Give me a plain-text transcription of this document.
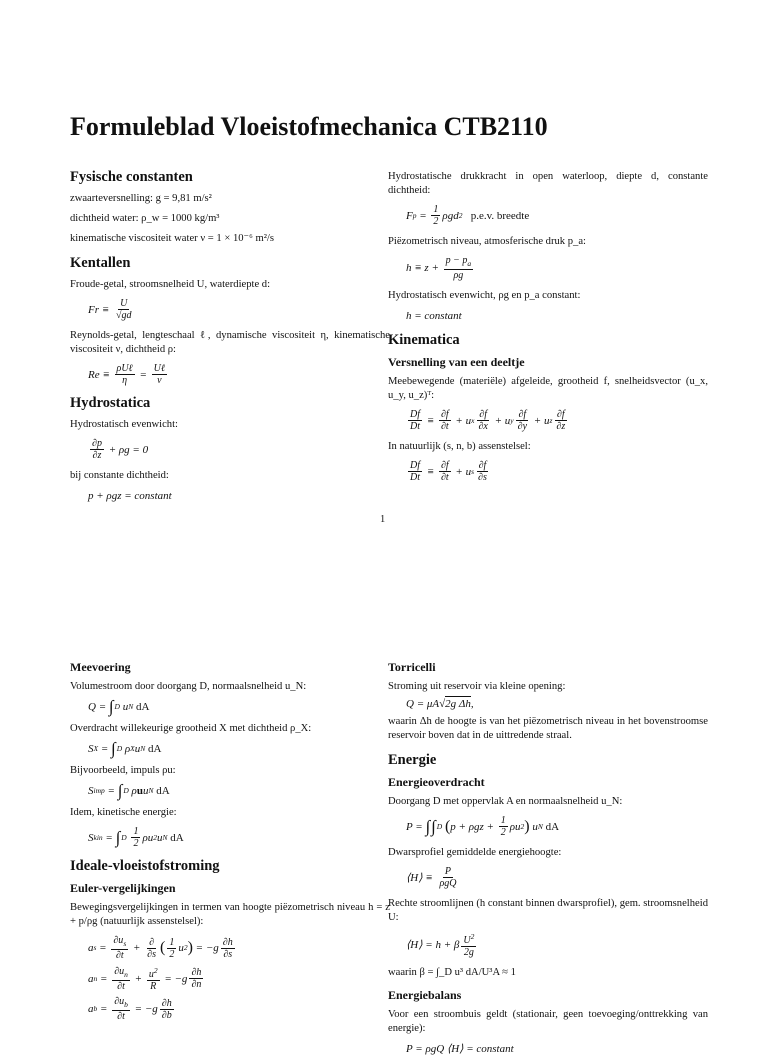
Formuleblad Vloeistofmechanica CTB2110
Fysische constanten

zwaarteversnelling: g = 9,81 m/s²

dichtheid water: ρ_w = 1000 kg/m³

kinematische viscositeit water ν = 1 × 10⁻⁶ m²/s

Kentallen

Froude-getal, stroomsnelheid U, waterdiepte d:

$Fr \equiv \frac{U}{√gd}$

Reynolds-getal, lengteschaal ℓ, dynamische viscositeit η, kinematische viscositeit ν, dichtheid ρ:

$Re \equiv \frac{\text{ρUℓ}}{\eta} = \frac{\text{Uℓ}}{\nu}$
Hydrostatica

Hydrostatisch evenwicht:

$\frac{\partial p}{\partial z} + \rho g = 0$

bij constante dichtheid:

p + ρgz = constant

Hydrostatische drukkracht in open waterloop, diepte d, constante dichtheid:

F $p = \frac{1}{2}$ ρgd 2
p.e.v. breedte

Piëzometrisch niveau, atmosferische druk p_a:

$h \equiv z + \frac{p - p_a}{\rho g}$

Hydrostatisch evenwicht, ρg en p_a constant:

h = constant
Kinematica
Versnelling van een deeltje

Meebewegende (materiële) afgeleide, grootheid f, snelheidsvector (u_x, u_y, u_z)ᵀ:

$\frac{Df}{Dt} \equiv \frac{\partial f}{\partial t} + u$ x $\frac{\partial f}{\partial x} + u$ y $\frac{\partial f}{\partial y} + u$ z $\frac{\partial f}{\partial z}$

In natuurlijk (s, n, b) assenstelsel:

$\frac{Df}{Dt} \equiv \frac{\partial f}{\partial t} + u$ s $\frac{\partial f}{\partial s}$
1
Meevoering

Volumestroom door doorgang D, normaalsnelheid u_N:

Q = ∫ D u N
dA

Overdracht willekeurige grootheid X met dichtheid ρ_X:

S X = ∫ D ρ X u N
dA

Bijvoorbeeld, impuls ρu:

S imp = ∫ D ρ u u N
dA

Idem, kinetische energie:

S kin = ∫ D
$\frac{1}{2}$ ρu 2 u N
dA
Ideale-vloeistofstroming
Euler-vergelijkingen

Bewegingsvergelijkingen in termen van hoogte piëzometrisch niveau h = z + p/ρg (natuurlijk assenstelsel):

a $s = \frac{\partial u_s}{\partial t} + \frac{\partial}{\partial s}$ ( $\frac{1}{2}$ u 2 ) = $-g \frac{\partial h}{\partial s}$
a $n = \frac{\partial u_n}{\partial t} + \frac{u^2}{R} = -g \frac{\partial h}{\partial n}$
a $b = \frac{\partial u_b}{\partial t} = -g \frac{\partial h}{\partial b}$
Torricelli

Stroming uit reservoir via kleine opening:

Q = μA √ 2g Δh ,

waarin Δh de hoogte is van het piëzometrisch niveau in het bovenstroomse reservoir boven dat in de uittredende straal.

Energie
Energieoverdracht

Doorgang D met oppervlak A en normaalsnelheid u_N:

P = ∫ ∫ D
( $p + \rho gz + \frac{1}{2}$ ρu 2 ) u N
dA

Dwarsprofiel gemiddelde energiehoogte:

⟨H⟩ ≡ $\frac{P}{\text{ρgQ}}$

Rechte stroomlijnen (h constant binnen dwarsprofiel), gem. stroomsnelheid U:

⟨H⟩ = h + β $\frac{U^2}{2g}$

waarin β = ∫_D u³ dA/U³A ≈ 1

Energiebalans

Voor een stroombuis geldt (stationair, geen toevoeging/onttrekking van energie):

P = ρgQ ⟨H⟩ = constant
